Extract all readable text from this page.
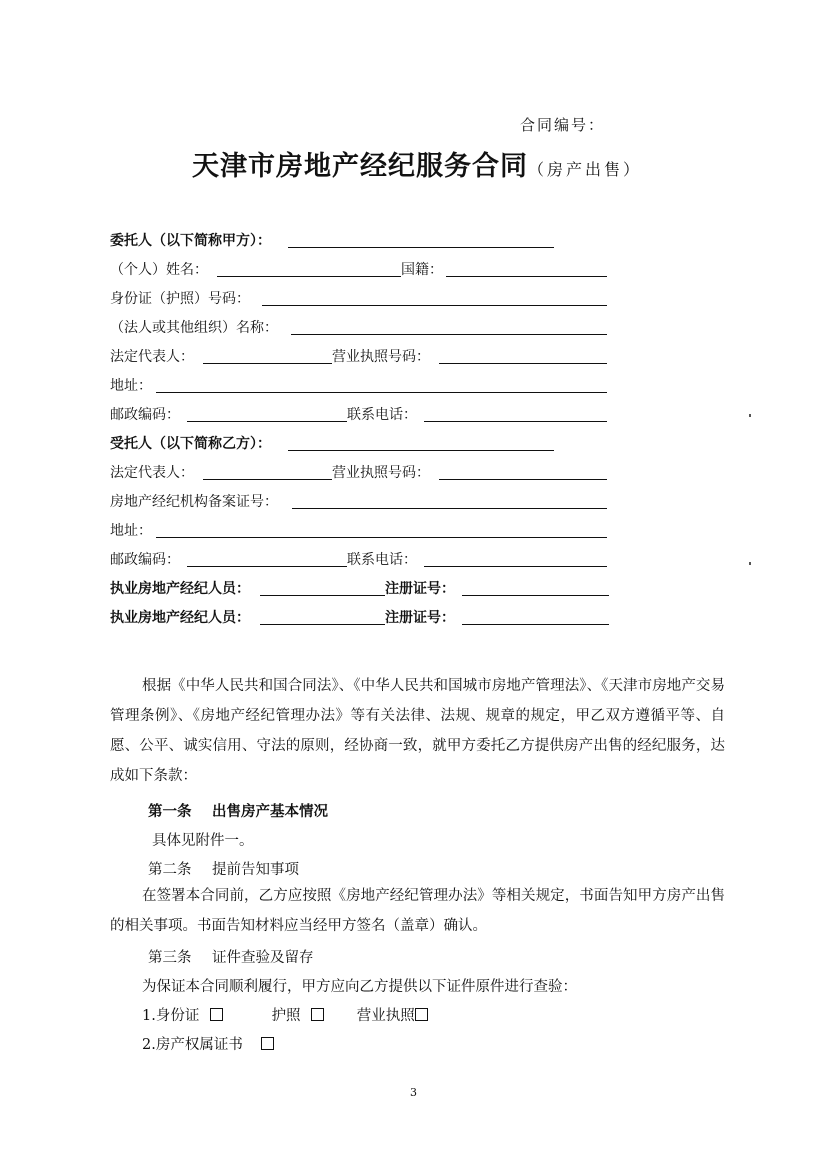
合同编号：
天津市房地产经纪服务合同（房产出售）
委托人（以下简称甲方）：
（个人）姓名：	国籍：
身份证（护照）号码：
（法人或其他组织）名称：
法定代表人：	营业执照号码：
地址：
邮政编码：	联系电话：
受托人（以下简称乙方）：
法定代表人：	营业执照号码：
房地产经纪机构备案证号：
地址：
邮政编码：	联系电话：
执业房地产经纪人员：	注册证号：
执业房地产经纪人员：	注册证号：
根据《中华人民共和国合同法》、《中华人民共和国城市房地产管理法》、《天津市房地产交易管理条例》、《房地产经纪管理办法》等有关法律、法规、规章的规定，甲乙双方遵循平等、自愿、公平、诚实信用、守法的原则，经协商一致，就甲方委托乙方提供房产出售的经纪服务，达成如下条款：
第一条 出售房产基本情况
具体见附件一。
第二条 提前告知事项
在签署本合同前，乙方应按照《房地产经纪管理办法》等相关规定，书面告知甲方房产出售的相关事项。书面告知材料应当经甲方签名（盖章）确认。
第三条 证件查验及留存
为保证本合同顺利履行，甲方应向乙方提供以下证件原件进行查验：
1.身份证	护照	营业执照
2.房产权属证书
3
